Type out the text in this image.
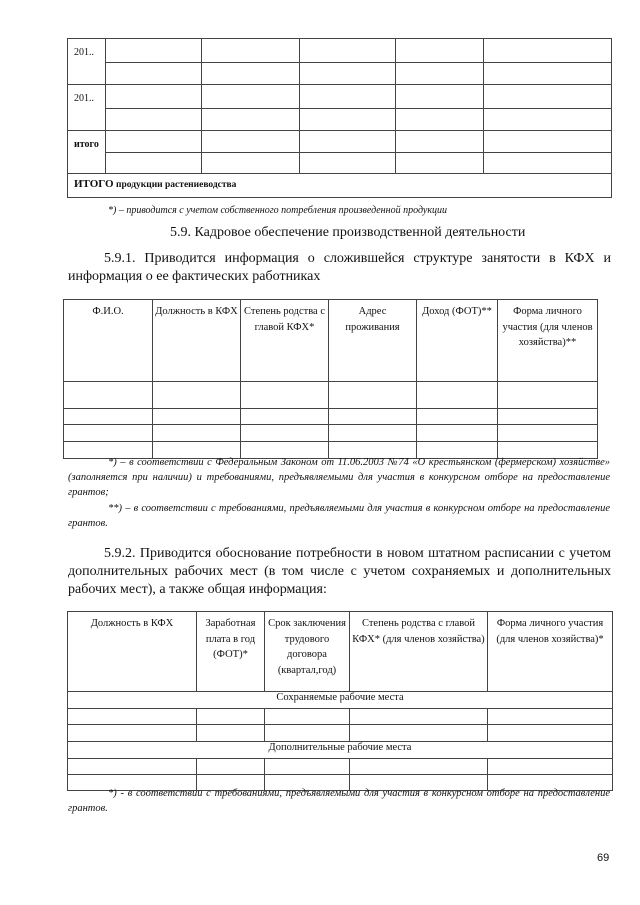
201..					

201..					

итого					

ИТОГО продукции растениеводства					
*) – приводится с учетом собственного потребления произведенной продукции
5.9. Кадровое обеспечение производственной деятельности
5.9.1. Приводится информация о сложившейся структуре занятости в КФХ и информация о ее фактических работниках
Ф.И.О.	Должность в КФХ	Степень родства с главой КФХ*	Адрес проживания	Доход (ФОТ)**	Форма личного участия (для членов хозяйства)**

*) – в соответствии с Федеральным Законом от 11.06.2003 №74 «О крестьянском (фермерском) хозяйстве» (заполняется при наличии) и требованиями, предъявляемыми для участия в конкурсном отборе на предоставление грантов;
**) – в соответствии с требованиями, предъявляемыми для участия в конкурсном отборе на предоставление грантов.
5.9.2. Приводится обоснование потребности в новом штатном расписании с учетом дополнительных рабочих мест (в том числе с учетом сохраняемых и дополнительных рабочих мест), а также общая информация:
Должность в КФХ	Заработная плата в год (ФОТ)*	Срок заключения трудового договора (квартал,год)	Степень родства с главой КФХ* (для членов хозяйства)	Форма личного участия (для членов хозяйства)*
Сохраняемые рабочие места				

Дополнительные рабочие места				

*) - в соответствии с требованиями, предъявляемыми для участия в конкурсном отборе на предоставление грантов.
69
